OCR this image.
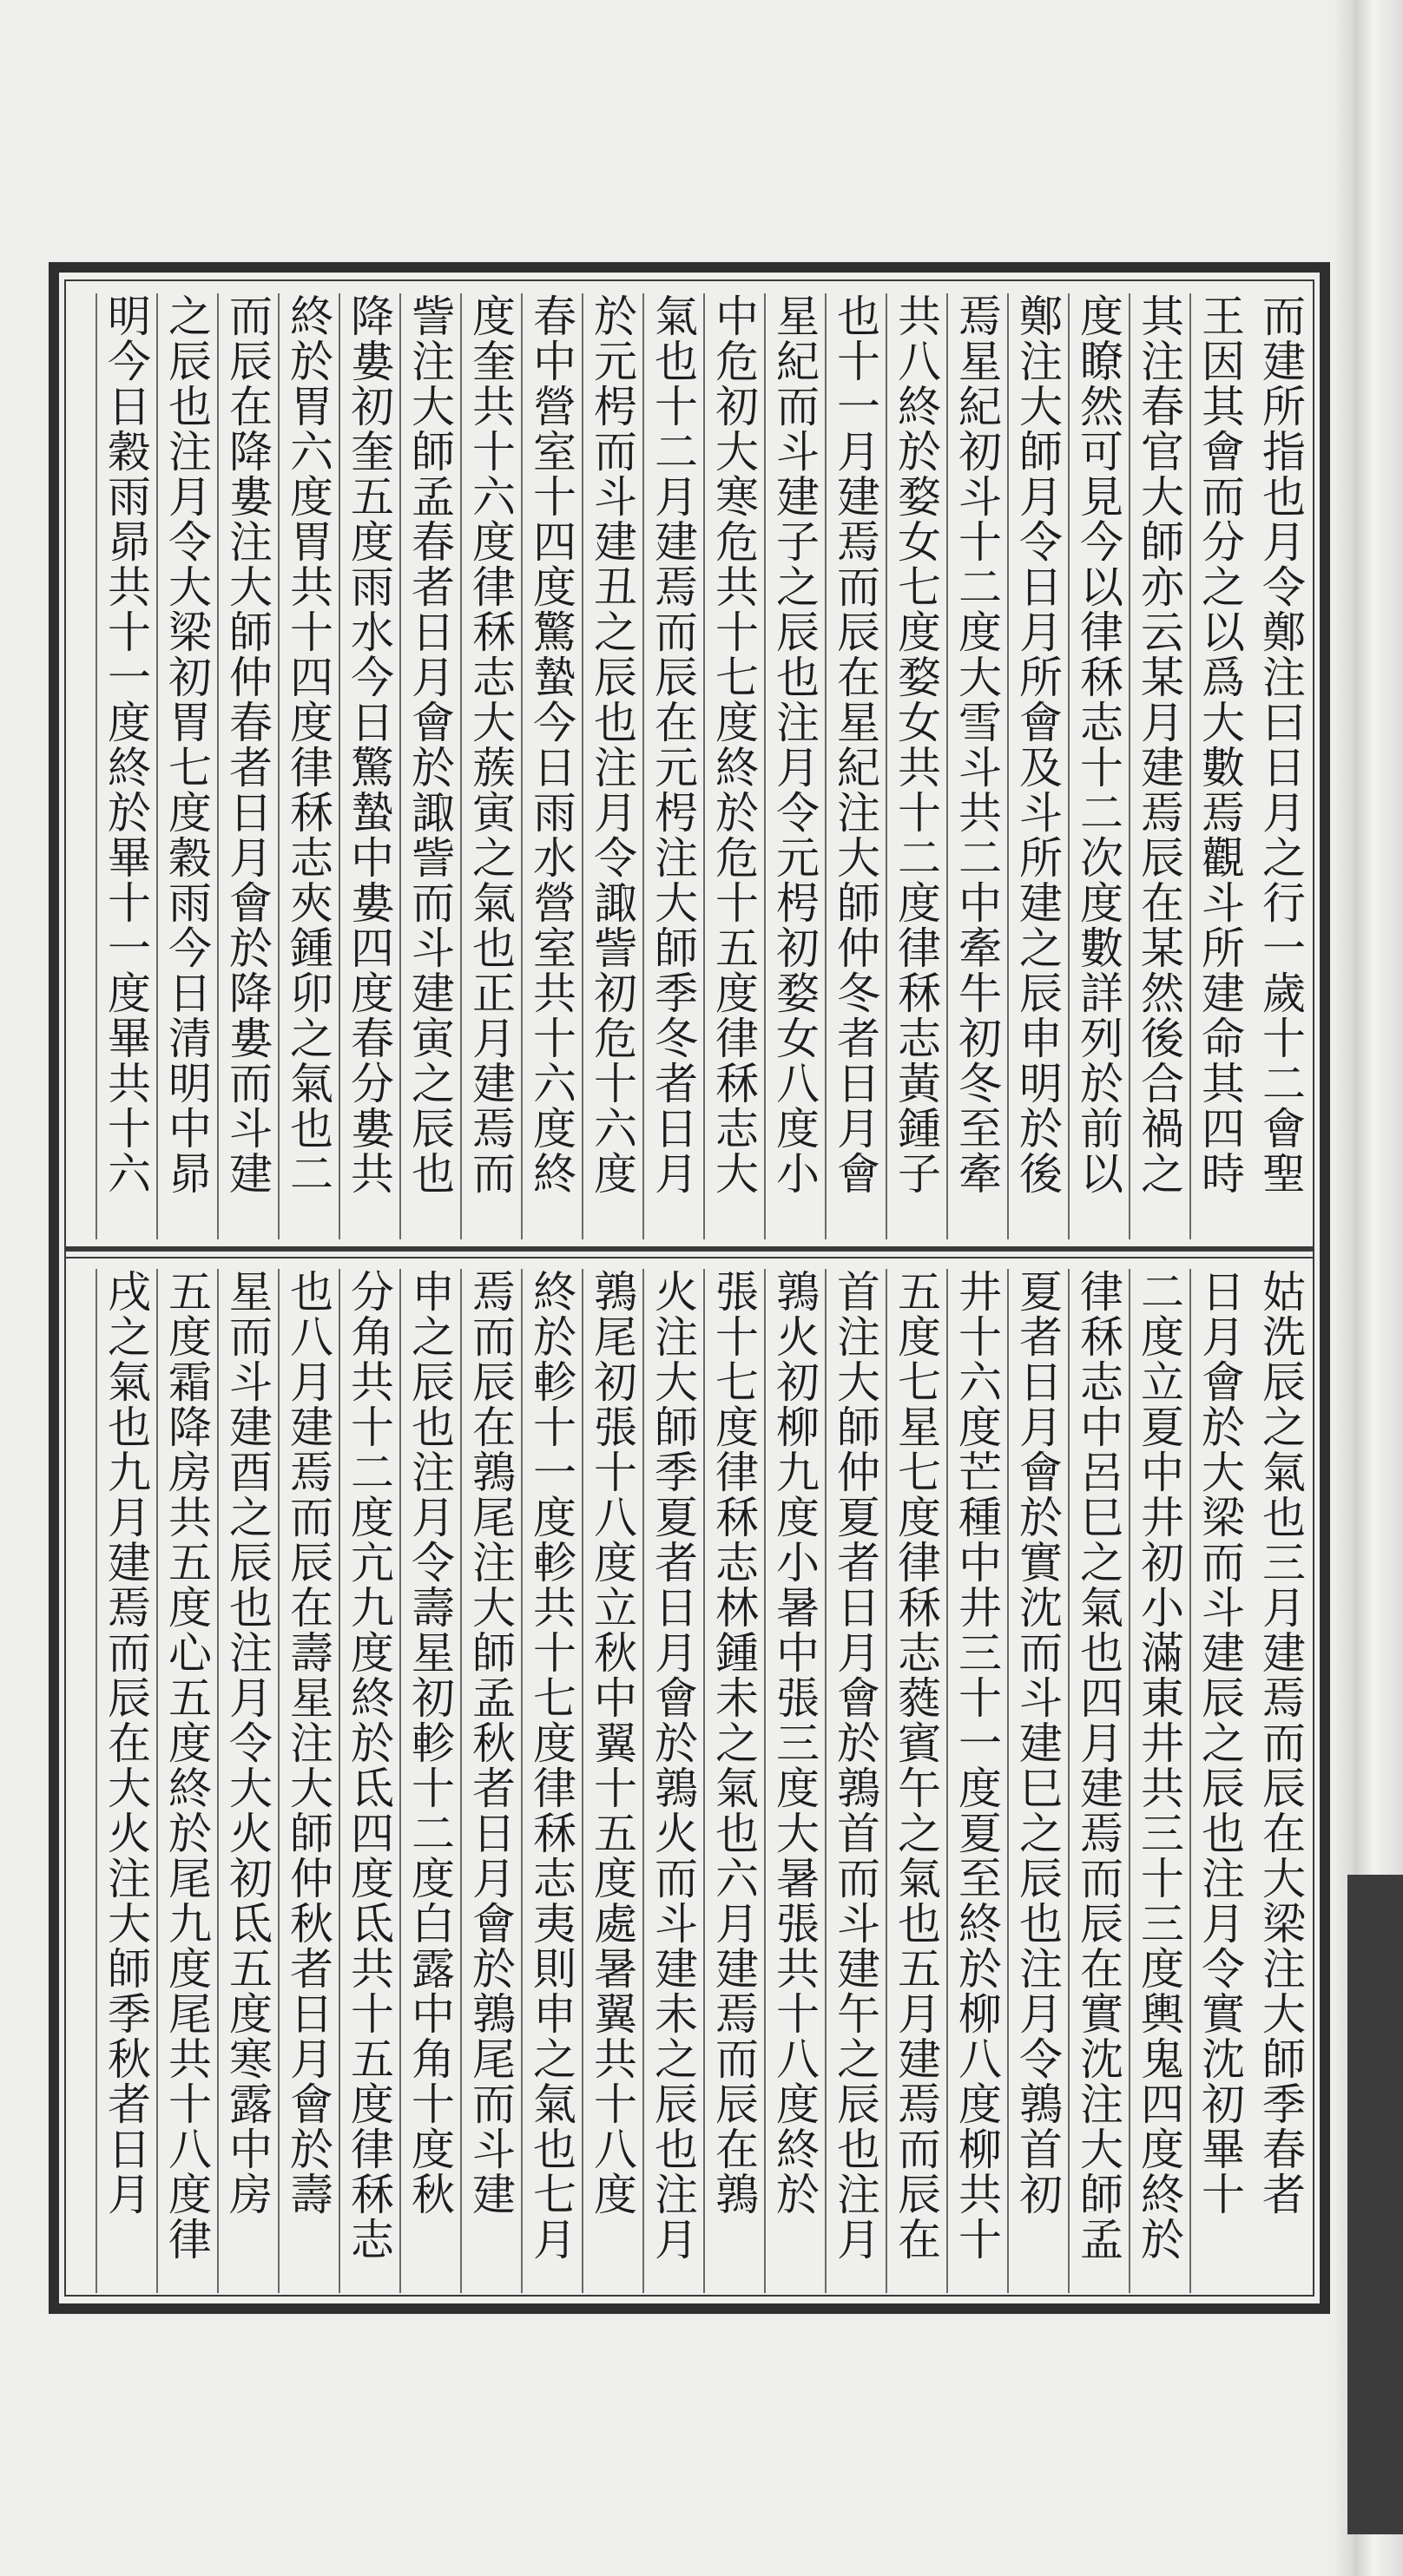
而建所指也月令鄭注曰日月之行一歲十二會聖
王因其會而分之以爲大數焉觀斗所建命其四時
其注春官大師亦云某月建焉辰在某然後合禍之
度瞭然可見今以律秝志十二次度數詳列於前以
鄭注大師月令日月所會及斗所建之辰申明於後
焉星紀初斗十二度大雪斗共二中牽牛初冬至牽
共八終於婺女七度婺女共十二度律秝志黃鍾子
也十一月建焉而辰在星紀注大師仲冬者日月會
星紀而斗建子之辰也注月令元枵初婺女八度小
中危初大寒危共十七度終於危十五度律秝志大
氣也十二月建焉而辰在元枵注大師季冬者日月
於元枵而斗建丑之辰也注月令諏訾初危十六度
春中營室十四度驚蟄今日雨水營室共十六度終
度奎共十六度律秝志大蔟寅之氣也正月建焉而
訾注大師孟春者日月會於諏訾而斗建寅之辰也
降婁初奎五度雨水今日驚蟄中婁四度春分婁共
終於胃六度胃共十四度律秝志夾鍾卯之氣也二
而辰在降婁注大師仲春者日月會於降婁而斗建
之辰也注月令大梁初胃七度穀雨今日清明中昴
明今日穀雨昴共十一度終於畢十一度畢共十六
姑洗辰之氣也三月建焉而辰在大梁注大師季春者
日月會於大梁而斗建辰之辰也注月令實沈初畢十
二度立夏中井初小滿東井共三十三度輿鬼四度終於
律秝志中呂巳之氣也四月建焉而辰在實沈注大師孟
夏者日月會於實沈而斗建巳之辰也注月令鶉首初
井十六度芒種中井三十一度夏至終於柳八度柳共十
五度七星七度律秝志蕤賓午之氣也五月建焉而辰在
首注大師仲夏者日月會於鶉首而斗建午之辰也注月
鶉火初柳九度小暑中張三度大暑張共十八度終於
張十七度律秝志林鍾未之氣也六月建焉而辰在鶉
火注大師季夏者日月會於鶉火而斗建未之辰也注月
鶉尾初張十八度立秋中翼十五度處暑翼共十八度
終於軫十一度軫共十七度律秝志夷則申之氣也七月
焉而辰在鶉尾注大師孟秋者日月會於鶉尾而斗建
申之辰也注月令壽星初軫十二度白露中角十度秋
分角共十二度亢九度終於氐四度氐共十五度律秝志
也八月建焉而辰在壽星注大師仲秋者日月會於壽
星而斗建酉之辰也注月令大火初氐五度寒露中房
五度霜降房共五度心五度終於尾九度尾共十八度律
戌之氣也九月建焉而辰在大火注大師季秋者日月
